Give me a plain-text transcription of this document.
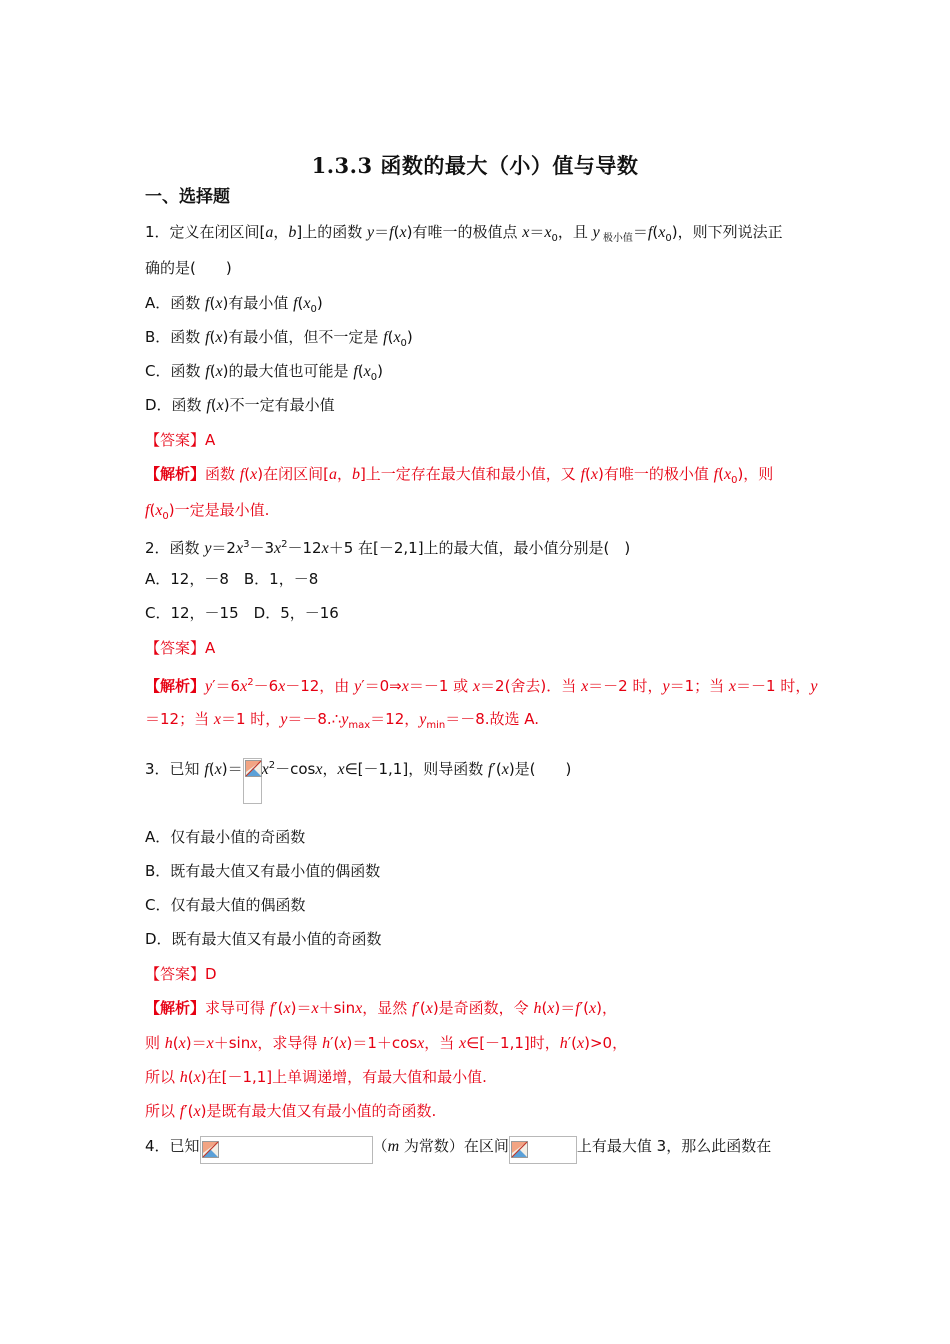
1.3.3 函数的最大（小）值与导数
一、选择题
1．定义在闭区间[a，b]上的函数 y＝f(x)有唯一的极值点 $x=x_0$，且 y $_{极小值}=f(x_0)$，则下列说法正
确的是(　　)
A．函数 f(x)有最小值 $f(x_0)$
B．函数 f(x)有最小值，但不一定是 $f(x_0)$
C．函数 f(x)的最大值也可能是 $f(x_0)$
D．函数 f(x)不一定有最小值
【答案】A
【解析】函数 f(x)在闭区间[a，b]上一定存在最大值和最小值，又 f(x)有唯一的极小值 $f(x_0)$，则
$f(x_0)$一定是最小值.
2．函数 $y=2x^3-3x^2-12x+5$ 在[－2,1]上的最大值，最小值分别是(　)
A．12，－8　B．1，－8
C．12，－15　D．5，－16
【答案】A
【解析】$y'=6x^2-6x-12$，由 y′＝0⇒x＝－1 或 x＝2(舍去)．当 x＝－2 时，y＝1；当 x＝－1 时，y
＝12；当 x＝1 时，$y=-8.\therefore y_{max}=12$，$y_{min}=-8$.故选 A.
3．已知 $f(x)= x^2-\cos x$，x∈[－1,1]，则导函数 f′(x)是(　　)
A．仅有最小值的奇函数
B．既有最大值又有最小值的偶函数
C．仅有最大值的偶函数
D．既有最大值又有最小值的奇函数
【答案】D
【解析】求导可得 f′(x)＝x＋sinx，显然 f′(x)是奇函数，令 h(x)＝f′(x)，
则 h(x)＝x＋sinx，求导得 h′(x)＝1＋cosx，当 x∈[－1,1]时，h′(x)>0，
所以 h(x)在[－1,1]上单调递增，有最大值和最小值.
所以 f′(x)是既有最大值又有最小值的奇函数.
4．已知	（m 为常数）在区间	上有最大值 3，那么此函数在
